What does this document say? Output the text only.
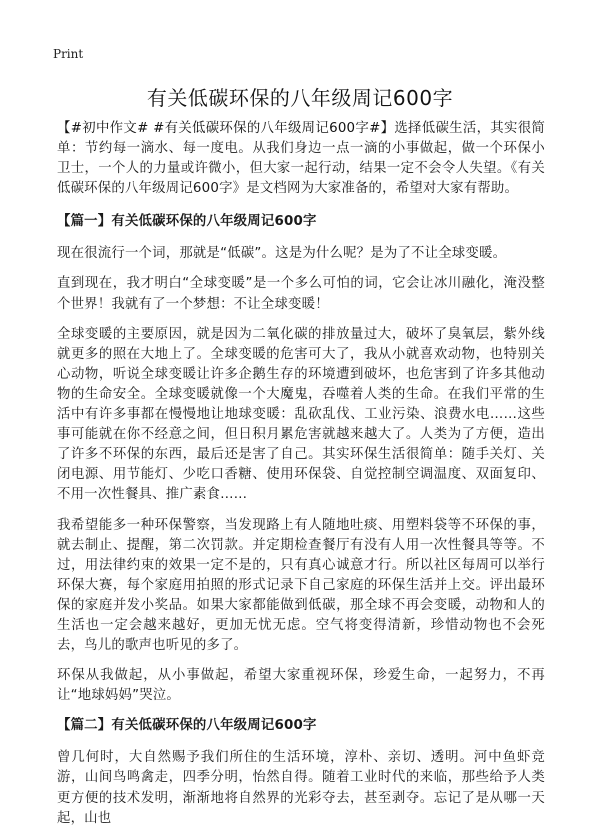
Print
有关低碳环保的八年级周记600字

【#初中作文# #有关低碳环保的八年级周记600字#】选择低碳生活，其实很简单：节约每一滴水、每一度电。从我们身边一点一滴的小事做起，做一个环保小卫士，一个人的力量或许微小，但大家一起行动，结果一定不会令人失望。《有关低碳环保的八年级周记600字》是文档网为大家准备的，希望对大家有帮助。

【篇一】有关低碳环保的八年级周记600字

现在很流行一个词，那就是“低碳”。这是为什么呢？是为了不让全球变暖。

直到现在，我才明白“全球变暖”是一个多么可怕的词，它会让冰川融化，淹没整个世界！我就有了一个梦想：不让全球变暖！

全球变暖的主要原因，就是因为二氧化碳的排放量过大，破坏了臭氧层，紫外线就更多的照在大地上了。全球变暖的危害可大了，我从小就喜欢动物，也特别关心动物，听说全球变暖让许多企鹅生存的环境遭到破坏，也危害到了许多其他动物的生命安全。全球变暖就像一个大魔鬼，吞噬着人类的生命。在我们平常的生活中有许多事都在慢慢地让地球变暖：乱砍乱伐、工业污染、浪费水电……这些事可能就在你不经意之间，但日积月累危害就越来越大了。人类为了方便，造出了许多不环保的东西，最后还是害了自己。其实环保生活很简单：随手关灯、关闭电源、用节能灯、少吃口香糖、使用环保袋、自觉控制空调温度、双面复印、不用一次性餐具、推广素食……

我希望能多一种环保警察，当发现路上有人随地吐痰、用塑料袋等不环保的事，就去制止、提醒，第二次罚款。并定期检查餐厅有没有人用一次性餐具等等。不过，用法律约束的效果一定不是的，只有真心诚意才行。所以社区每周可以举行环保大赛，每个家庭用拍照的形式记录下自己家庭的环保生活并上交。评出最环保的家庭并发小奖品。如果大家都能做到低碳，那全球不再会变暖，动物和人的生活也一定会越来越好，更加无忧无虑。空气将变得清新，珍惜动物也不会死去，鸟儿的歌声也听见的多了。

环保从我做起，从小事做起，希望大家重视环保，珍爱生命，一起努力，不再让“地球妈妈”哭泣。

【篇二】有关低碳环保的八年级周记600字

曾几何时，大自然赐予我们所住的生活环境，淳朴、亲切、透明。河中鱼虾竞游，山间鸟鸣禽走，四季分明，怡然自得。随着工业时代的来临，那些给予人类更方便的技术发明，渐渐地将自然界的光彩夺去，甚至剥夺。忘记了是从哪一天起，山也
